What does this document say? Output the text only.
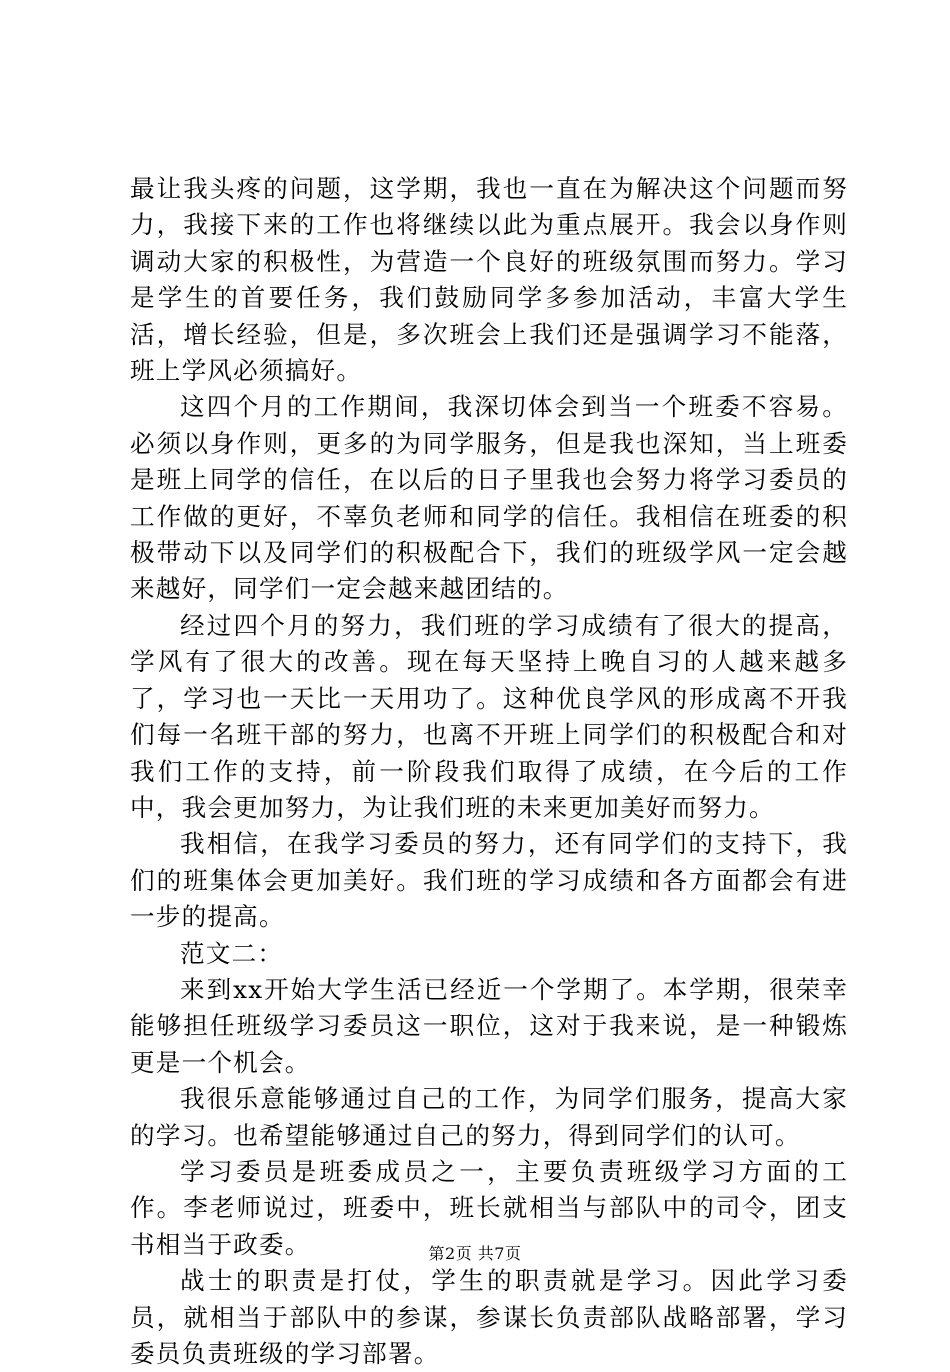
最让我头疼的问题，这学期，我也一直在为解决这个问题而努力，我接下来的工作也将继续以此为重点展开。我会以身作则调动大家的积极性，为营造一个良好的班级氛围而努力。学习是学生的首要任务，我们鼓励同学多参加活动，丰富大学生活，增长经验，但是，多次班会上我们还是强调学习不能落，班上学风必须搞好。

这四个月的工作期间，我深切体会到当一个班委不容易。必须以身作则，更多的为同学服务，但是我也深知，当上班委是班上同学的信任，在以后的日子里我也会努力将学习委员的工作做的更好，不辜负老师和同学的信任。我相信在班委的积极带动下以及同学们的积极配合下，我们的班级学风一定会越来越好，同学们一定会越来越团结的。

经过四个月的努力，我们班的学习成绩有了很大的提高，学风有了很大的改善。现在每天坚持上晚自习的人越来越多了，学习也一天比一天用功了。这种优良学风的形成离不开我们每一名班干部的努力，也离不开班上同学们的积极配合和对我们工作的支持，前一阶段我们取得了成绩，在今后的工作中，我会更加努力，为让我们班的未来更加美好而努力。

我相信，在我学习委员的努力，还有同学们的支持下，我们的班集体会更加美好。我们班的学习成绩和各方面都会有进一步的提高。

范文二：

来到xx开始大学生活已经近一个学期了。本学期，很荣幸能够担任班级学习委员这一职位，这对于我来说，是一种锻炼更是一个机会。

我很乐意能够通过自己的工作，为同学们服务，提高大家的学习。也希望能够通过自己的努力，得到同学们的认可。

学习委员是班委成员之一，主要负责班级学习方面的工作。李老师说过，班委中，班长就相当与部队中的司令，团支书相当于政委。

战士的职责是打仗，学生的职责就是学习。因此学习委员，就相当于部队中的参谋，参谋长负责部队战略部署，学习委员负责班级的学习部署。

第2页 共7页
